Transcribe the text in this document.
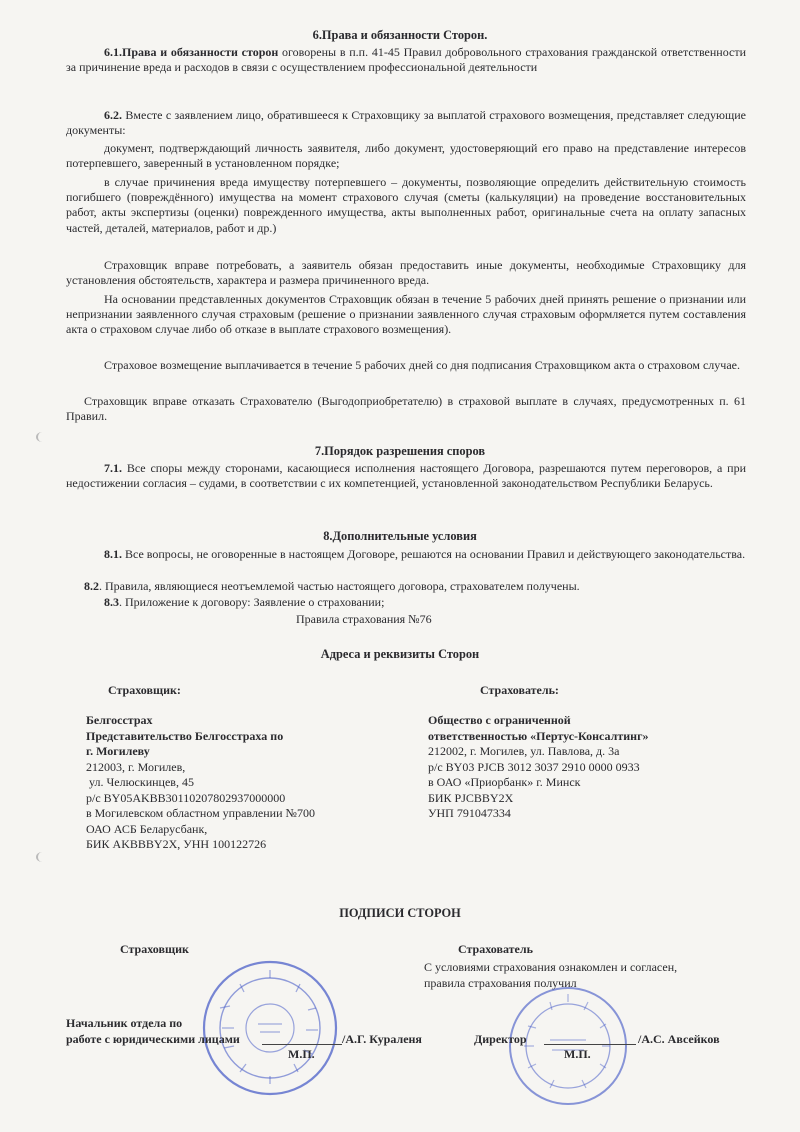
6.Права и обязанности Сторон.
6.1.Права и обязанности сторон оговорены в п.п. 41-45 Правил добровольного страхования гражданской ответственности за причинение вреда и расходов в связи с осуществлением профессиональной деятельности
6.2. Вместе с заявлением лицо, обратившееся к Страховщику за выплатой страхового возмещения, представляет следующие документы:
документ, подтверждающий личность заявителя, либо документ, удостоверяющий его право на представление интересов потерпевшего, заверенный в установленном порядке;
в случае причинения вреда имуществу потерпевшего – документы, позволяющие определить действительную стоимость погибшего (повреждённого) имущества на момент страхового случая (сметы (калькуляции) на проведение восстановительных работ, акты экспертизы (оценки) поврежденного имущества, акты выполненных работ, оригинальные счета на оплату запасных частей, деталей, материалов, работ и др.)
Страховщик вправе потребовать, а заявитель обязан предоставить иные документы, необходимые Страховщику для установления обстоятельств, характера и размера причиненного вреда.
На основании представленных документов Страховщик обязан в течение 5 рабочих дней принять решение о признании или непризнании заявленного случая страховым (решение о признании заявленного случая страховым оформляется путем составления акта о страховом случае либо об отказе в выплате страхового возмещения).
Страховое возмещение выплачивается в течение 5 рабочих дней со дня подписания Страховщиком акта о страховом случае.
Страховщик вправе отказать Страхователю (Выгодоприобретателю) в страховой выплате в случаях, предусмотренных п. 61 Правил.
7.Порядок разрешения споров
7.1. Все споры между сторонами, касающиеся исполнения настоящего Договора, разрешаются путем переговоров, а при недостижении согласия – судами, в соответствии с их компетенцией, установленной законодательством Республики Беларусь.
8.Дополнительные условия
8.1. Все вопросы, не оговоренные в настоящем Договоре, решаются на основании Правил и действующего законодательства.
8.2. Правила, являющиеся неотъемлемой частью настоящего договора, страхователем получены.
8.3. Приложение к договору: Заявление о страховании;
Правила страхования №76
Адреса и реквизиты Сторон
Страховщик:	Страхователь:
Белгосстрах
Представительство Белгосстраха по
г. Могилеву
212003, г. Могилев,
ул. Челюскинцев, 45
р/с BY05AKBB30110207802937000000
в Могилевском областном управлении №700
ОАО АСБ Беларусбанк,
БИК AKBBBY2X, УНН 100122726
Общество с ограниченной
ответственностью «Пертус-Консалтинг»
212002, г. Могилев, ул. Павлова, д. 3а
р/с BY03 PJCB 3012 3037 2910 0000 0933
в ОАО «Приорбанк» г. Минск
БИК PJCBBY2X
УНП 791047334
ПОДПИСИ СТОРОН
Страховщик	Страхователь
С условиями страхования ознакомлен и согласен,
правила страхования получил
Начальник отдела по
работе с юридическими лицами	/А.Г. Кураленя
М.П.
Директор	/А.С. Авсейков
М.П.
